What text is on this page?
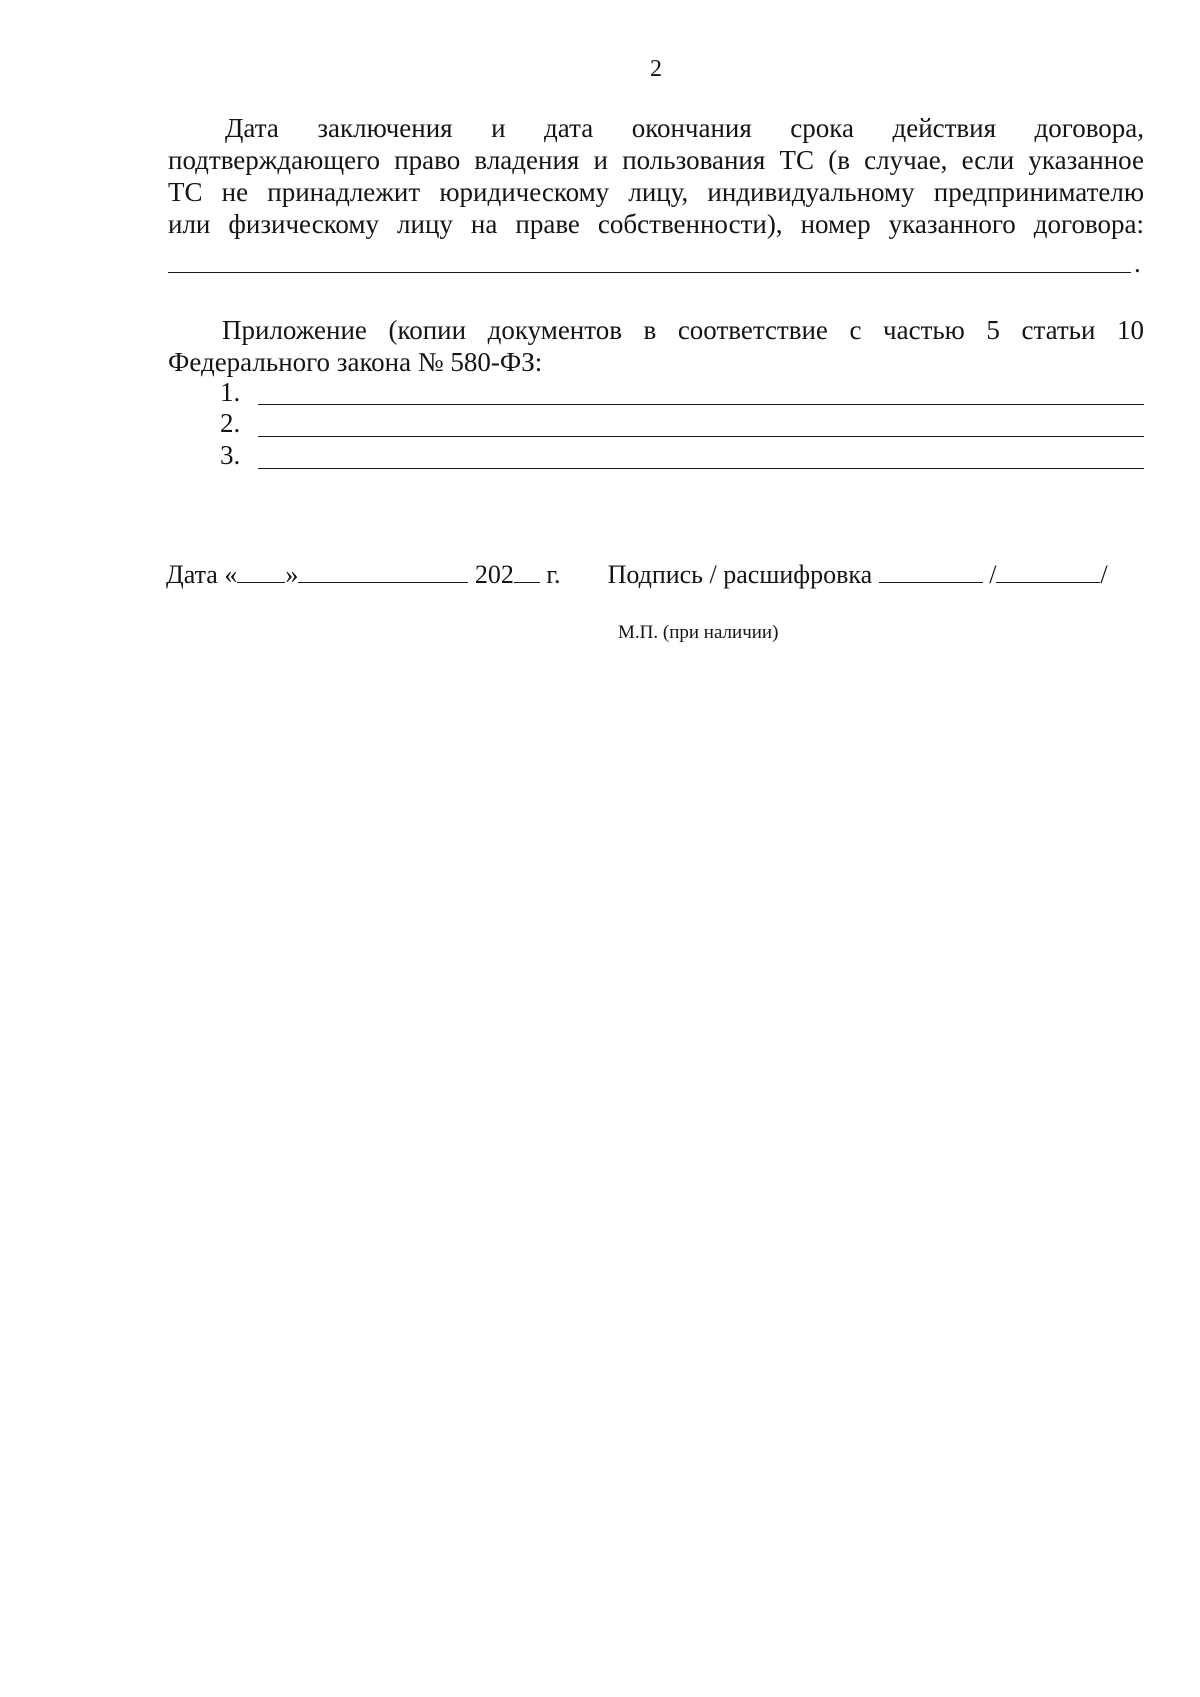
2

Дата заключения и дата окончания срока действия договора,
подтверждающего право владения и пользования ТС (в случае, если указанное
ТС не принадлежит юридическому лицу, индивидуальному предпринимателю
или физическому лицу на праве собственности), номер указанного договора:

.

Приложение (копии документов в соответствие с частью 5 статьи 10
Федерального закона № 580-ФЗ:

1.
2.
3.
Дата « »	202 г. Подпись / расшифровка	/	/
М.П. (при наличии)
